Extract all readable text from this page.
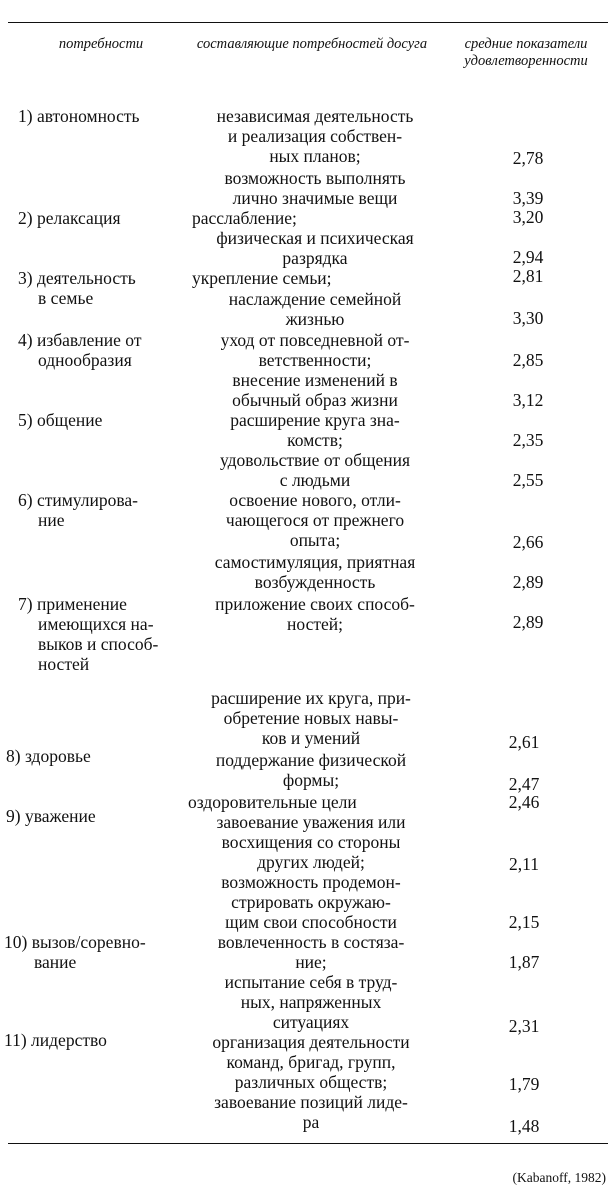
потребности	составляющие потребностей досуга	средние показатели удовлетворенности
1) автономность
2) релаксация
3) деятельность
в семье
4) избавление от
однообразия
5) общение
6) стимулирова-
ние
7) применение
имеющихся на-
выков и способ-
ностей
8) здоровье
9) уважение
10) вызов/соревно-
вание
11) лидерство
независимая деятельность
и реализация собствен-
ных планов;
возможность выполнять
лично значимые вещи
расслабление;
физическая и психическая
разрядка
укрепление семьи;
наслаждение семейной
жизнью
уход от повседневной от-
ветственности;
внесение изменений в
обычный образ жизни
расширение круга зна-
комств;
удовольствие от общения
с людьми
освоение нового, отли-
чающегося от прежнего
опыта;
самостимуляция, приятная
возбужденность
приложение своих способ-
ностей;
расширение их круга, при-
обретение новых навы-
ков и умений
поддержание физической
формы;
оздоровительные цели
завоевание уважения или
восхищения со стороны
других людей;
возможность продемон-
стрировать окружаю-
щим свои способности
вовлеченность в состяза-
ние;
испытание себя в труд-
ных, напряженных
ситуациях
организация деятельности
команд, бригад, групп,
различных обществ;
завоевание позиций лиде-
ра
2,78
3,39
3,20
2,94
2,81
3,30
2,85
3,12
2,35
2,55
2,66
2,89
2,89
2,61
2,47
2,46
2,11
2,15
1,87
2,31
1,79
1,48
(Kabanoff, 1982)
